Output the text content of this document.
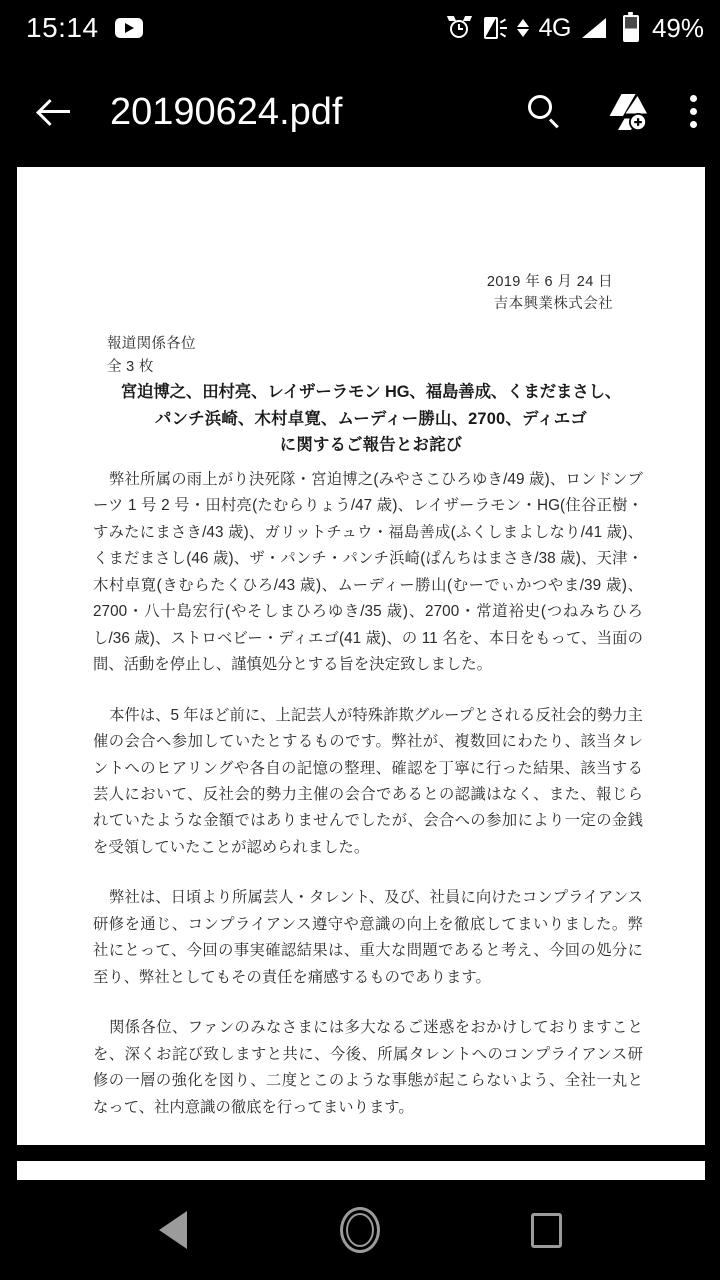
15:14	4G	49%
20190624.pdf
2019 年 6 月 24 日
吉本興業株式会社
報道関係各位
全 3 枚
宮迫博之、田村亮、レイザーラモン HG、福島善成、くまだまさし、
パンチ浜崎、木村卓寛、ムーディー勝山、2700、ディエゴ
に関するご報告とお詫び

弊社所属の雨上がり決死隊・宮迫博之(みやさこひろゆき/49 歳)、ロンドンブーツ 1 号 2 号・田村亮(たむらりょう/47 歳)、レイザーラモン・HG(住谷正樹・すみたにまさき/43 歳)、ガリットチュウ・福島善成(ふくしまよしなり/41 歳)、くまだまさし(46 歳)、ザ・パンチ・パンチ浜崎(ぱんちはまさき/38 歳)、天津・木村卓寛(きむらたくひろ/43 歳)、ムーディー勝山(むーでぃかつやま/39 歳)、2700・八十島宏行(やそしまひろゆき/35 歳)、2700・常道裕史(つねみちひろし/36 歳)、ストロベビー・ディエゴ(41 歳)、の 11 名を、本日をもって、当面の間、活動を停止し、謹慎処分とする旨を決定致しました。

本件は、5 年ほど前に、上記芸人が特殊詐欺グループとされる反社会的勢力主催の会合へ参加していたとするものです。弊社が、複数回にわたり、該当タレントへのヒアリングや各自の記憶の整理、確認を丁寧に行った結果、該当する芸人において、反社会的勢力主催の会合であるとの認識はなく、また、報じられていたような金額ではありませんでしたが、会合への参加により一定の金銭を受領していたことが認められました。

弊社は、日頃より所属芸人・タレント、及び、社員に向けたコンプライアンス研修を通じ、コンプライアンス遵守や意識の向上を徹底してまいりました。弊社にとって、今回の事実確認結果は、重大な問題であると考え、今回の処分に至り、弊社としてもその責任を痛感するものであります。

関係各位、ファンのみなさまには多大なるご迷惑をおかけしておりますことを、深くお詫び致しますと共に、今後、所属タレントへのコンプライアンス研修の一層の強化を図り、二度とこのような事態が起こらないよう、全社一丸となって、社内意識の徹底を行ってまいります。
